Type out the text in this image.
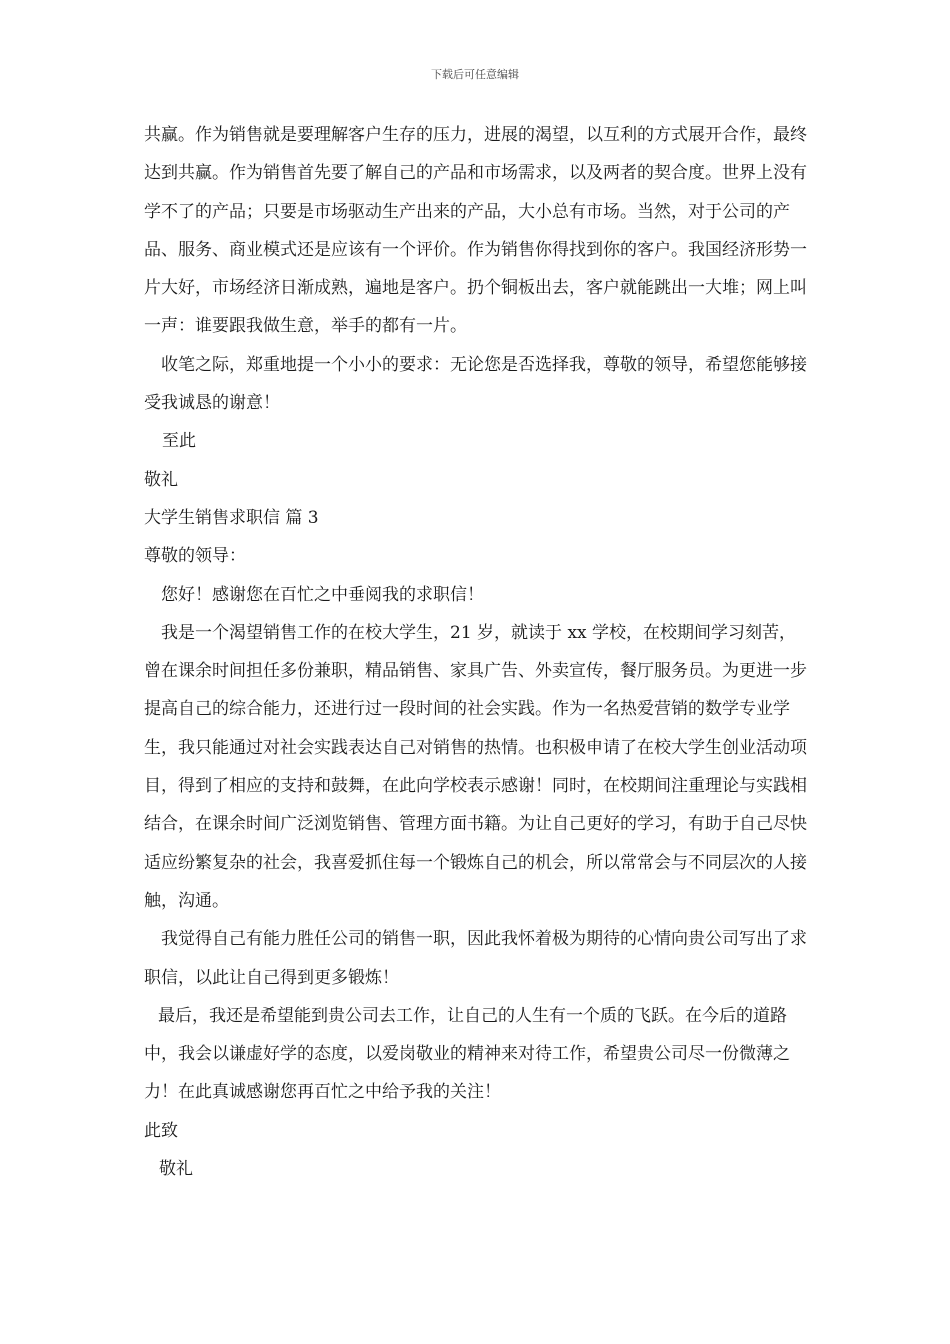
下载后可任意编辑

共赢。作为销售就是要理解客户生存的压力，进展的渴望，以互利的方式展开合作，最终达到共赢。作为销售首先要了解自己的产品和市场需求，以及两者的契合度。世界上没有学不了的产品；只要是市场驱动生产出来的产品，大小总有市场。当然，对于公司的产品、服务、商业模式还是应该有一个评价。作为销售你得找到你的客户。我国经济形势一片大好，市场经济日渐成熟，遍地是客户。扔个铜板出去，客户就能跳出一大堆；网上叫一声：谁要跟我做生意，举手的都有一片。

收笔之际，郑重地提一个小小的要求：无论您是否选择我，尊敬的领导，希望您能够接受我诚恳的谢意！

至此

敬礼

大学生销售求职信 篇 3

尊敬的领导：

您好！感谢您在百忙之中垂阅我的求职信！

我是一个渴望销售工作的在校大学生，21 岁，就读于 xx 学校，在校期间学习刻苦，曾在课余时间担任多份兼职，精品销售、家具广告、外卖宣传，餐厅服务员。为更进一步提高自己的综合能力，还进行过一段时间的社会实践。作为一名热爱营销的数学专业学生，我只能通过对社会实践表达自己对销售的热情。也积极申请了在校大学生创业活动项目，得到了相应的支持和鼓舞，在此向学校表示感谢！同时，在校期间注重理论与实践相结合，在课余时间广泛浏览销售、管理方面书籍。为让自己更好的学习，有助于自己尽快适应纷繁复杂的社会，我喜爱抓住每一个锻炼自己的机会，所以常常会与不同层次的人接触，沟通。

我觉得自己有能力胜任公司的销售一职，因此我怀着极为期待的心情向贵公司写出了求职信，以此让自己得到更多锻炼！

最后，我还是希望能到贵公司去工作，让自己的人生有一个质的飞跃。在今后的道路中，我会以谦虚好学的态度，以爱岗敬业的精神来对待工作，希望贵公司尽一份微薄之力！在此真诚感谢您再百忙之中给予我的关注！

此致

敬礼
